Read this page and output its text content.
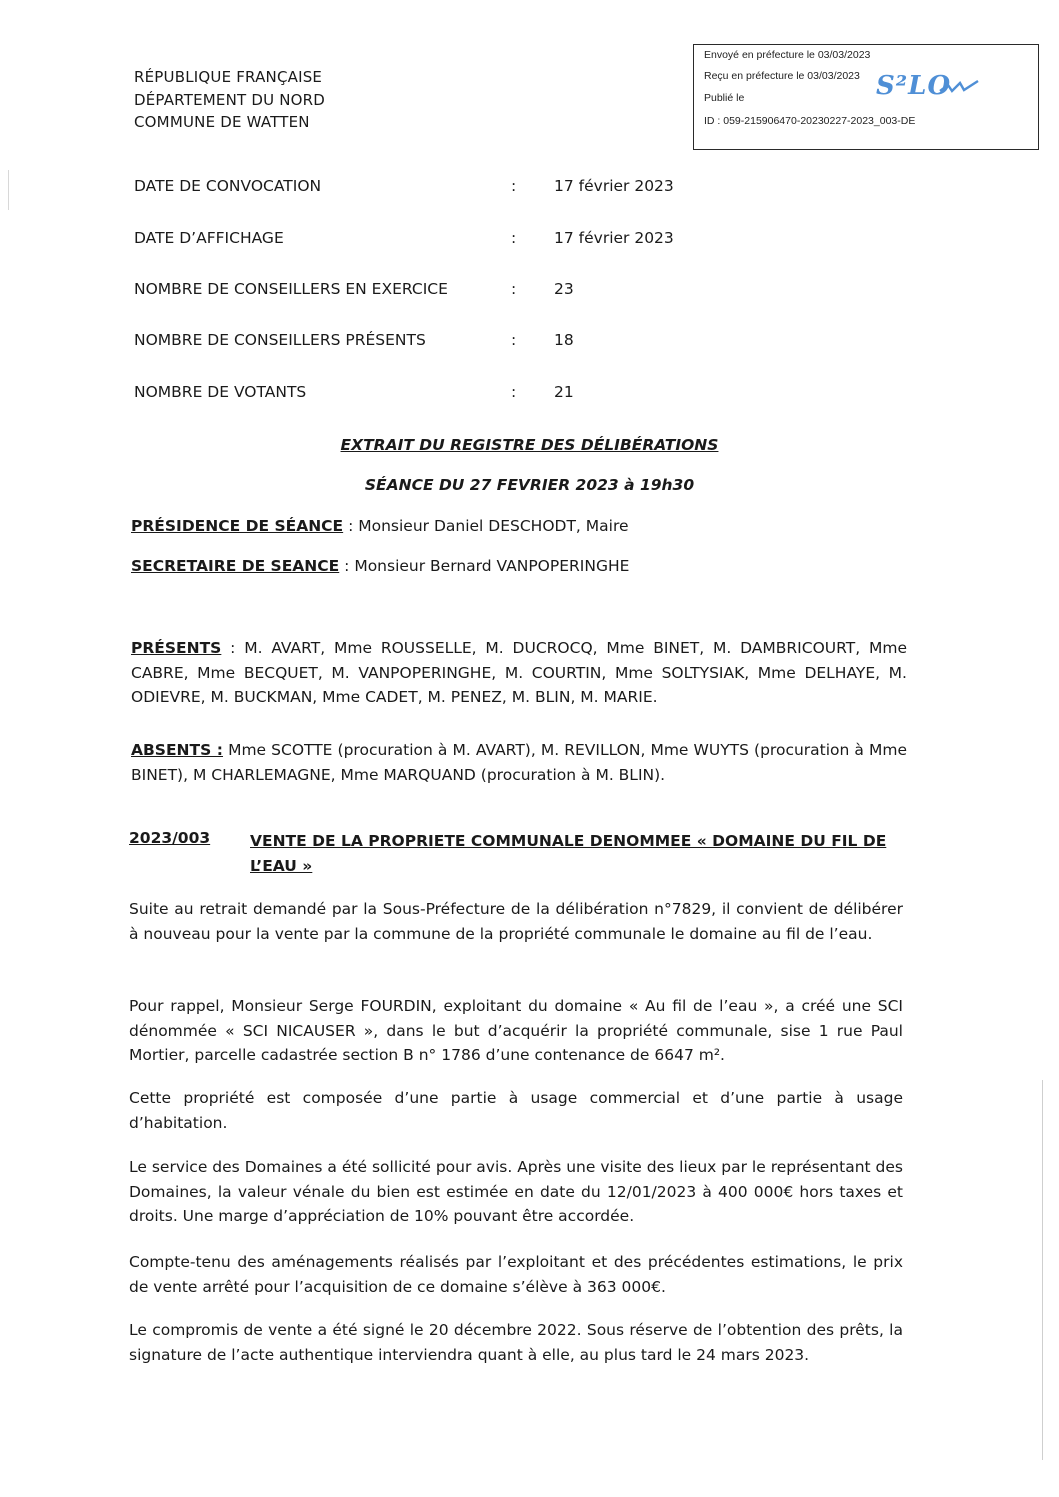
RÉPUBLIQUE FRANÇAISE
DÉPARTEMENT DU NORD
COMMUNE DE WATTEN
Envoyé en préfecture le 03/03/2023
Reçu en préfecture le 03/03/2023
Publié le
ID : 059-215906470-20230227-2023_003-DE
S²LO
DATE DE CONVOCATION	: 17 février 2023
DATE D’AFFICHAGE	: 17 février 2023
NOMBRE DE CONSEILLERS EN EXERCICE	: 23
NOMBRE DE CONSEILLERS PRÉSENTS	: 18
NOMBRE DE VOTANTS	: 21
EXTRAIT DU REGISTRE DES DÉLIBÉRATIONS
SÉANCE DU 27 FEVRIER 2023 à 19h30
PRÉSIDENCE DE SÉANCE : Monsieur Daniel DESCHODT, Maire
SECRETAIRE DE SEANCE : Monsieur Bernard VANPOPERINGHE
PRÉSENTS : M. AVART, Mme ROUSSELLE, M. DUCROCQ, Mme BINET, M. DAMBRICOURT, Mme CABRE, Mme BECQUET, M. VANPOPERINGHE, M. COURTIN, Mme SOLTYSIAK, Mme DELHAYE, M. ODIEVRE, M. BUCKMAN, Mme CADET, M. PENEZ, M. BLIN, M. MARIE.
ABSENTS : Mme SCOTTE (procuration à M. AVART), M. REVILLON, Mme WUYTS (procuration à Mme BINET), M CHARLEMAGNE, Mme MARQUAND (procuration à M. BLIN).
2023/003	VENTE DE LA PROPRIETE COMMUNALE DENOMMEE « DOMAINE DU FIL DE L’EAU »
Suite au retrait demandé par la Sous-Préfecture de la délibération n°7829, il convient de délibérer à nouveau pour la vente par la commune de la propriété communale le domaine au fil de l’eau.
Pour rappel, Monsieur Serge FOURDIN, exploitant du domaine « Au fil de l’eau », a créé une SCI dénommée « SCI NICAUSER », dans le but d’acquérir la propriété communale, sise 1 rue Paul Mortier, parcelle cadastrée section B n° 1786 d’une contenance de 6647 m².
Cette propriété est composée d’une partie à usage commercial et d’une partie à usage d’habitation.
Le service des Domaines a été sollicité pour avis. Après une visite des lieux par le représentant des Domaines, la valeur vénale du bien est estimée en date du 12/01/2023 à 400 000€ hors taxes et droits. Une marge d’appréciation de 10% pouvant être accordée.
Compte-tenu des aménagements réalisés par l’exploitant et des précédentes estimations, le prix de vente arrêté pour l’acquisition de ce domaine s’élève à 363 000€.
Le compromis de vente a été signé le 20 décembre 2022. Sous réserve de l’obtention des prêts, la signature de l’acte authentique interviendra quant à elle, au plus tard le 24 mars 2023.
